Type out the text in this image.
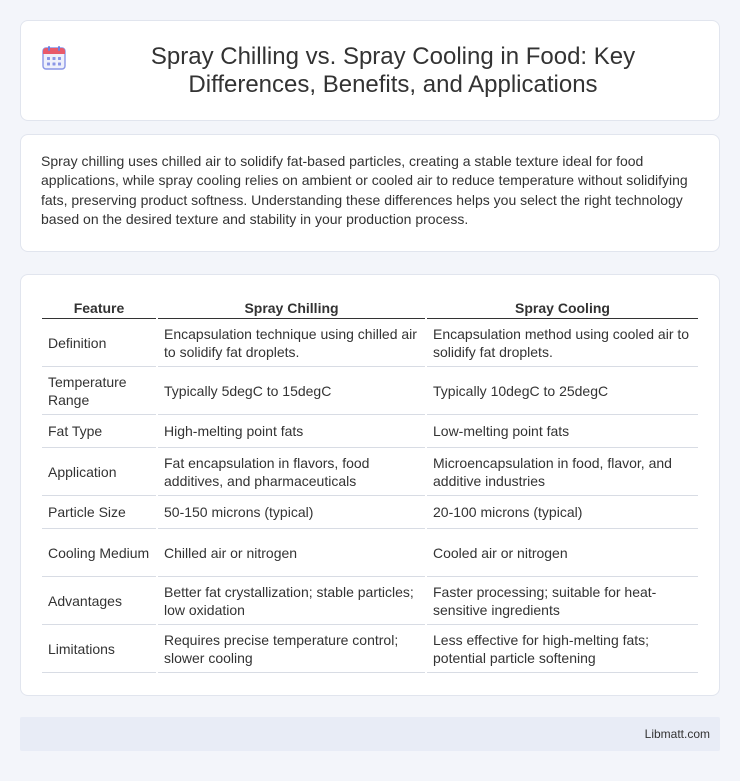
Spray Chilling vs. Spray Cooling in Food: Key Differences, Benefits, and Applications

Spray chilling uses chilled air to solidify fat-based particles, creating a stable texture ideal for food applications, while spray cooling relies on ambient or cooled air to reduce temperature without solidifying fats, preserving product softness. Understanding these differences helps you select the right technology based on the desired texture and stability in your production process.

Feature	Spray Chilling	Spray Cooling
Definition	Encapsulation technique using chilled air to solidify fat droplets.	Encapsulation method using cooled air to solidify fat droplets.
Temperature Range	Typically 5degC to 15degC	Typically 10degC to 25degC
Fat Type	High-melting point fats	Low-melting point fats
Application	Fat encapsulation in flavors, food additives, and pharmaceuticals	Microencapsulation in food, flavor, and additive industries
Particle Size	50-150 microns (typical)	20-100 microns (typical)
Cooling Medium	Chilled air or nitrogen	Cooled air or nitrogen
Advantages	Better fat crystallization; stable particles; low oxidation	Faster processing; suitable for heat-sensitive ingredients
Limitations	Requires precise temperature control; slower cooling	Less effective for high-melting fats; potential particle softening
Libmatt.com
